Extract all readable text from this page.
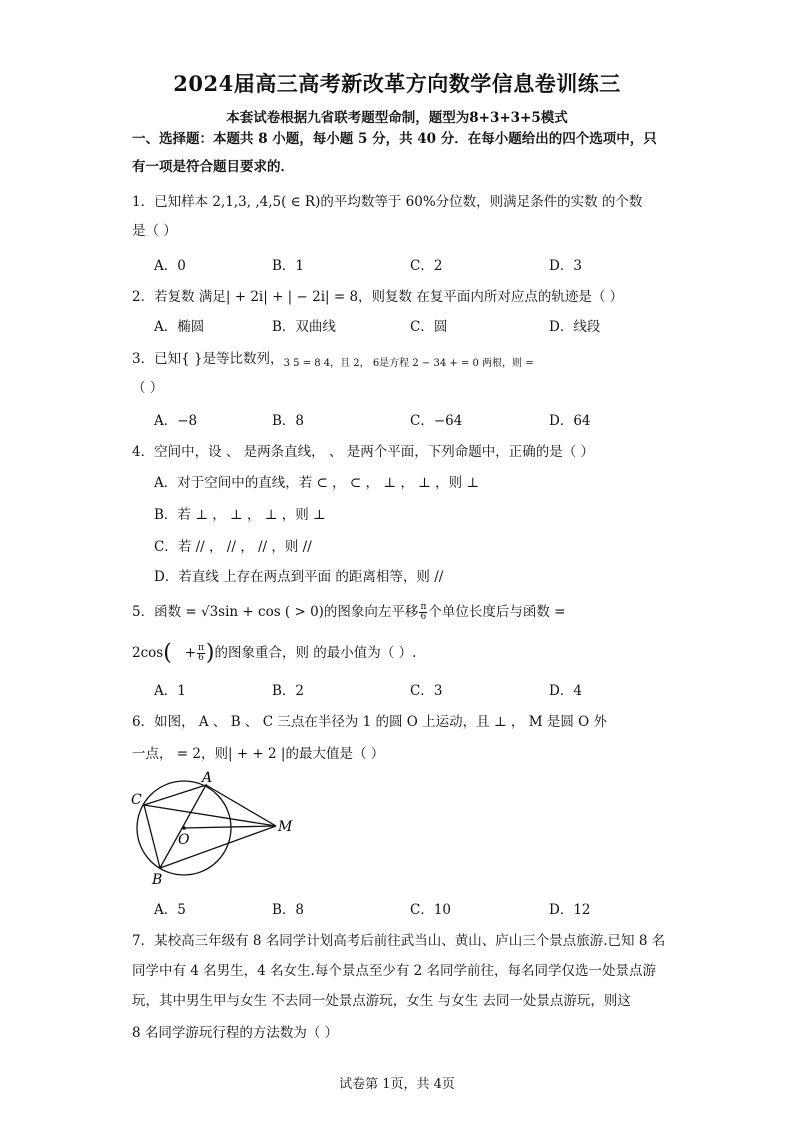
2024届高三高考新改革方向数学信息卷训练三
本套试卷根据九省联考题型命制，题型为8+3+3+5模式
一、选择题：本题共 8 小题，每小题 5 分，共 40 分．在每小题给出的四个选项中，只
有一项是符合题目要求的．
1．已知样本 2,1,3, ,4,5( ∈ R)的平均数等于 60%分位数，则满足条件的实数 的个数
是（ ）
A．0	B．1	C．2	D．3
2．若复数 满足| + 2i| + | − 2i| = 8，则复数 在复平面内所对应点的轨迹是（ ）
A．椭圆	B．双曲线	C．圆	D．线段
3．已知{ }是等比数列，$_{3 5 = 8 4,且 2, 6是方程 2 - 34 + = 0 两根,则 =}$
（ ）
A．−8	B．8	C．−64	D．64
4．空间中，设 、 是两条直线， 、 是两个平面，下列命题中，正确的是（ ）
A．对于空间中的直线，若 ⊂ ， ⊂ ， ⊥ ， ⊥ ，则 ⊥
B．若 ⊥ ， ⊥ ， ⊥ ，则 ⊥
C．若 // ， // ， // ，则 //
D．若直线 上存在两点到平面 的距离相等，则 //
5．函数 = √3sin + cos ( > 0)的图象向左平移 $\frac{\pi}{6}$ 个单位长度后与函数 =
$2\cos( + \frac{\pi}{6}$ )的图象重合，则 的最小值为（ ）.
A．1	B．2	C．3	D．4
6．如图， A 、 B 、 C 三点在半径为 1 的圆 O 上运动，且 ⊥ ， M 是圆 O 外
一点， = 2，则| + + 2 |的最大值是（ ）
A
C
B
O
M
A．5	B．8	C．10	D．12
7．某校高三年级有 8 名同学计划高考后前往武当山、黄山、庐山三个景点旅游.已知 8 名
同学中有 4 名男生，4 名女生.每个景点至少有 2 名同学前往，每名同学仅选一处景点游
玩，其中男生甲与女生 不去同一处景点游玩，女生 与女生 去同一处景点游玩，则这
8 名同学游玩行程的方法数为（ ）
试卷第 1页，共 4页
